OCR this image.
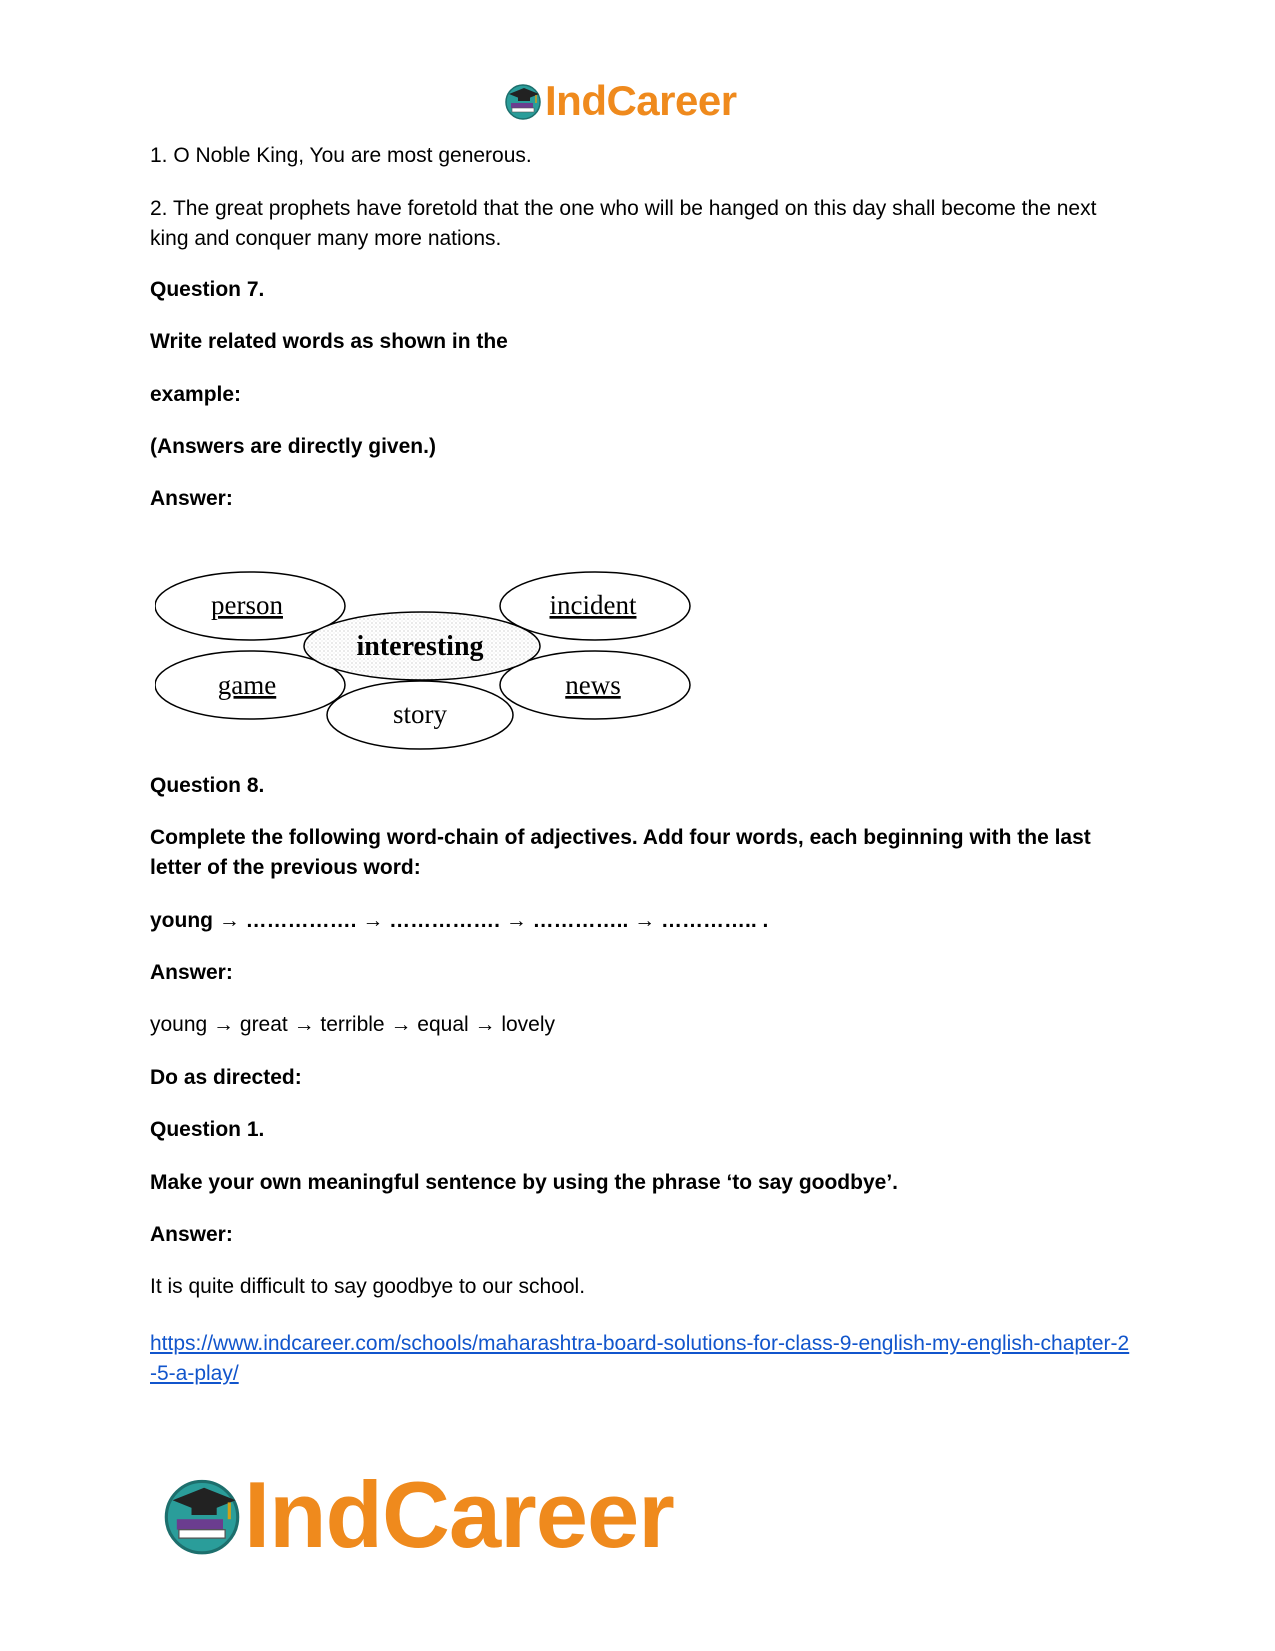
IndCareer

1. O Noble King, You are most generous.

2. The great prophets have foretold that the one who will be hanged on this day shall become the next king and conquer many more nations.

Question 7.

Write related words as shown in the

example:

(Answers are directly given.)

Answer:

person	incident
game	news
story
interesting

Question 8.

Complete the following word-chain of adjectives. Add four words, each beginning with the last letter of the previous word:

young → ……………. → ……………. → ………….. → ………….. .

Answer:

young → great → terrible → equal → lovely

Do as directed:

Question 1.

Make your own meaningful sentence by using the phrase ‘to say goodbye’.

Answer:

It is quite difficult to say goodbye to our school.

https://www.indcareer.com/schools/maharashtra-board-solutions-for-class-9-english-my-english-chapter-2-5-a-play/

IndCareer
